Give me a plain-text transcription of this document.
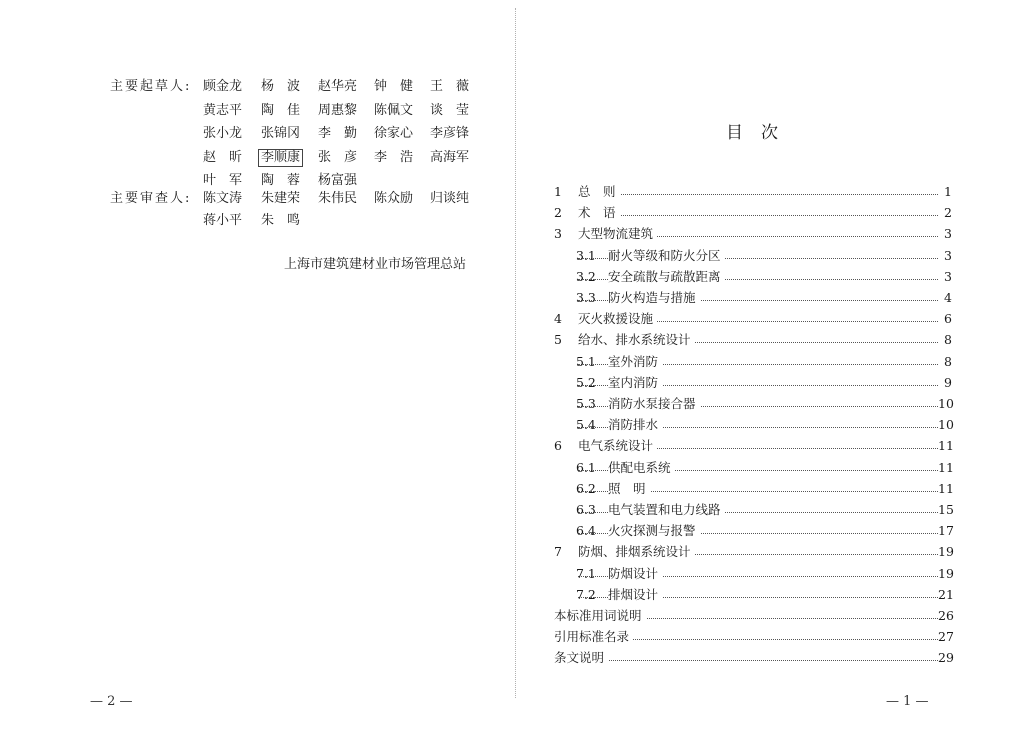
主要起草人: 顾金龙 杨　波 赵华亮 钟　健 王　薇
黄志平 陶　佳 周惠黎 陈佩文 谈　莹
张小龙 张锦冈 李　勤 徐家心 李彦锋
赵　昕 李顺康 张　彦 李　浩 高海军
叶　军 陶　蓉 杨富强
主要审查人: 陈文涛 朱建荣 朱伟民 陈众励 归谈纯
蒋小平 朱　鸣
上海市建筑建材业市场管理总站
— 2 —
目次
1 总　则	1
2 术　语	2
3 大型物流建筑	3
3.1 耐火等级和防火分区	3
3.2 安全疏散与疏散距离	3
3.3 防火构造与措施	4
4 灭火救援设施	6
5 给水、排水系统设计	8
5.1 室外消防	8
5.2 室内消防	9
5.3 消防水泵接合器	10
5.4 消防排水	10
6 电气系统设计	11
6.1 供配电系统	11
6.2 照　明	11
6.3 电气装置和电力线路	15
6.4 火灾探测与报警	17
7 防烟、排烟系统设计	19
7.1 防烟设计	19
7.2 排烟设计	21
本标准用词说明	26
引用标准名录	27
条文说明	29
— 1 —
